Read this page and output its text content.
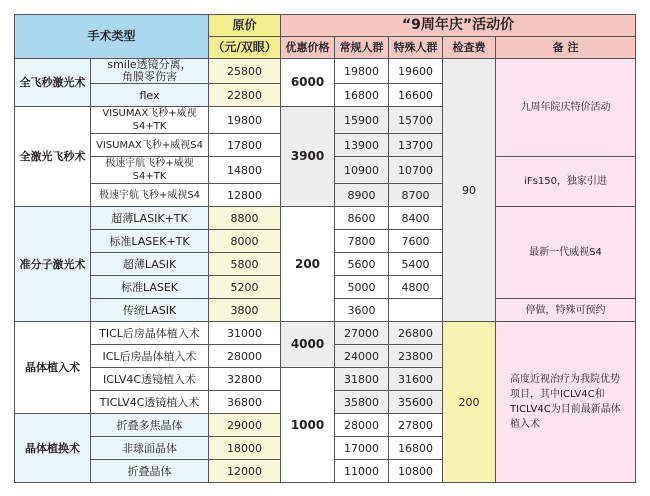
手术类型		原价	“9周年庆”活动价				
		（元/双眼）	优惠价格	常规人群	特殊人群	检查费	备 注
全飞秒激光术	smile透镜分离，
角膜零伤害	25800	6000	19800	19600	90	九周年院庆特价活动
	flex	22800		16800	16600		
全激光飞秒术	VISUMAX飞秒+威视S4+TK	19800	3900	15900	15700		
	VISUMAX飞秒+威视S4	17800		13900	13700		
	极速宇航飞秒+威视S4+TK	14800		10900	10700		iFs150，独家引进
	极速宇航飞秒+威视S4	12800		8900	8700		
准分子激光术	超薄LASIK+TK	8800	200	8600	8400		最新一代威视S4
	标准LASEK+TK	8000		7800	7600		
	超薄LASIK	5800		5600	5400		
	标准LASEK	5200		5000	4800		
	传统LASIK	3800		3600			停做，特殊可预约
晶体植入术	TICL后房晶体植入术	31000	4000	27000	26800	200	高度近视治疗为我院优势项目，其中ICLV4C和TICLV4C为目前最新晶体植入术
	ICL后房晶体植入术	28000		24000	23800		
	ICLV4C透镜植入术	32800	1000	31800	31600		
	TICLV4C透镜植入术	36800		35800	35600		
晶体植换术	折叠多焦晶体	29000		28000	27800		
	非球面晶体	18000		17000	16800		
	折叠晶体	12000		11000	10800		
